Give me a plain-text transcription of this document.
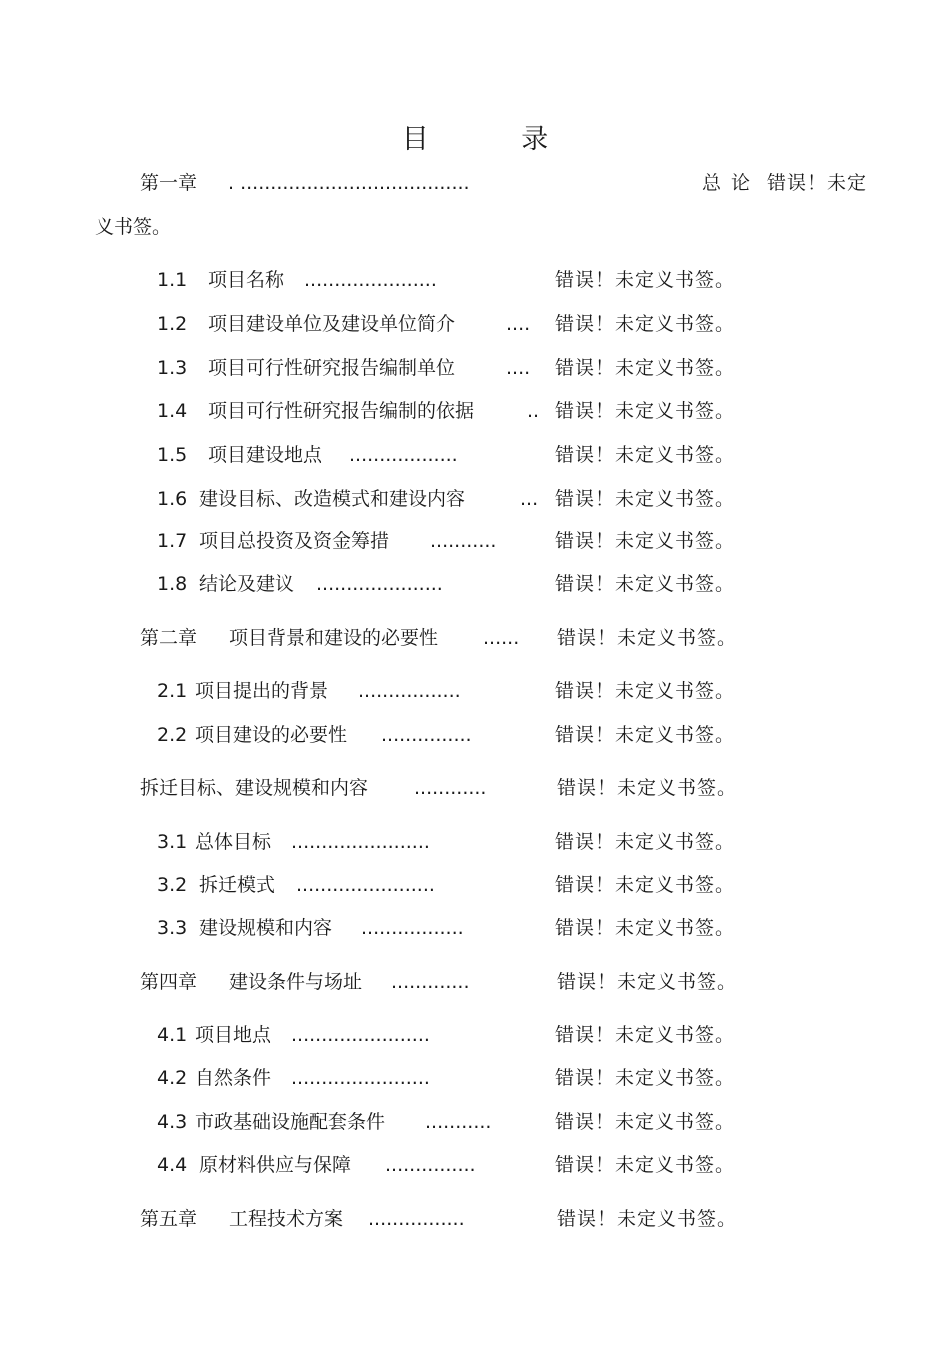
目 录
第一章 . ......................................	总 论 错误！未定
义书签。
1.1 项目名称 ......................	错误！未定义书签。
1.2 项目建设单位及建设单位简介	.... 错误！未定义书签。
1.3 项目可行性研究报告编制单位	.... 错误！未定义书签。
1.4 项目可行性研究报告编制的依据	.. 错误！未定义书签。
1.5 项目建设地点 ..................	错误！未定义书签。
1.6 建设目标、改造模式和建设内容	... 错误！未定义书签。
1.7 项目总投资及资金筹措 ...........	错误！未定义书签。
1.8 结论及建议 .....................	错误！未定义书签。
第二章 项目背景和建设的必要性 ...... 错误！未定义书签。
2.1 项目提出的背景 .................	错误！未定义书签。
2.2 项目建设的必要性 ...............	错误！未定义书签。
拆迁目标、建设规模和内容 ............	错误！未定义书签。
3.1 总体目标 .......................	错误！未定义书签。
3.2 拆迁模式 .......................	错误！未定义书签。
3.3 建设规模和内容 .................	错误！未定义书签。
第四章 建设条件与场址 .............	错误！未定义书签。
4.1 项目地点 .......................	错误！未定义书签。
4.2 自然条件 .......................	错误！未定义书签。
4.3 市政基础设施配套条件 ...........	错误！未定义书签。
4.4 原材料供应与保障 ...............	错误！未定义书签。
第五章 工程技术方案 ................	错误！未定义书签。
